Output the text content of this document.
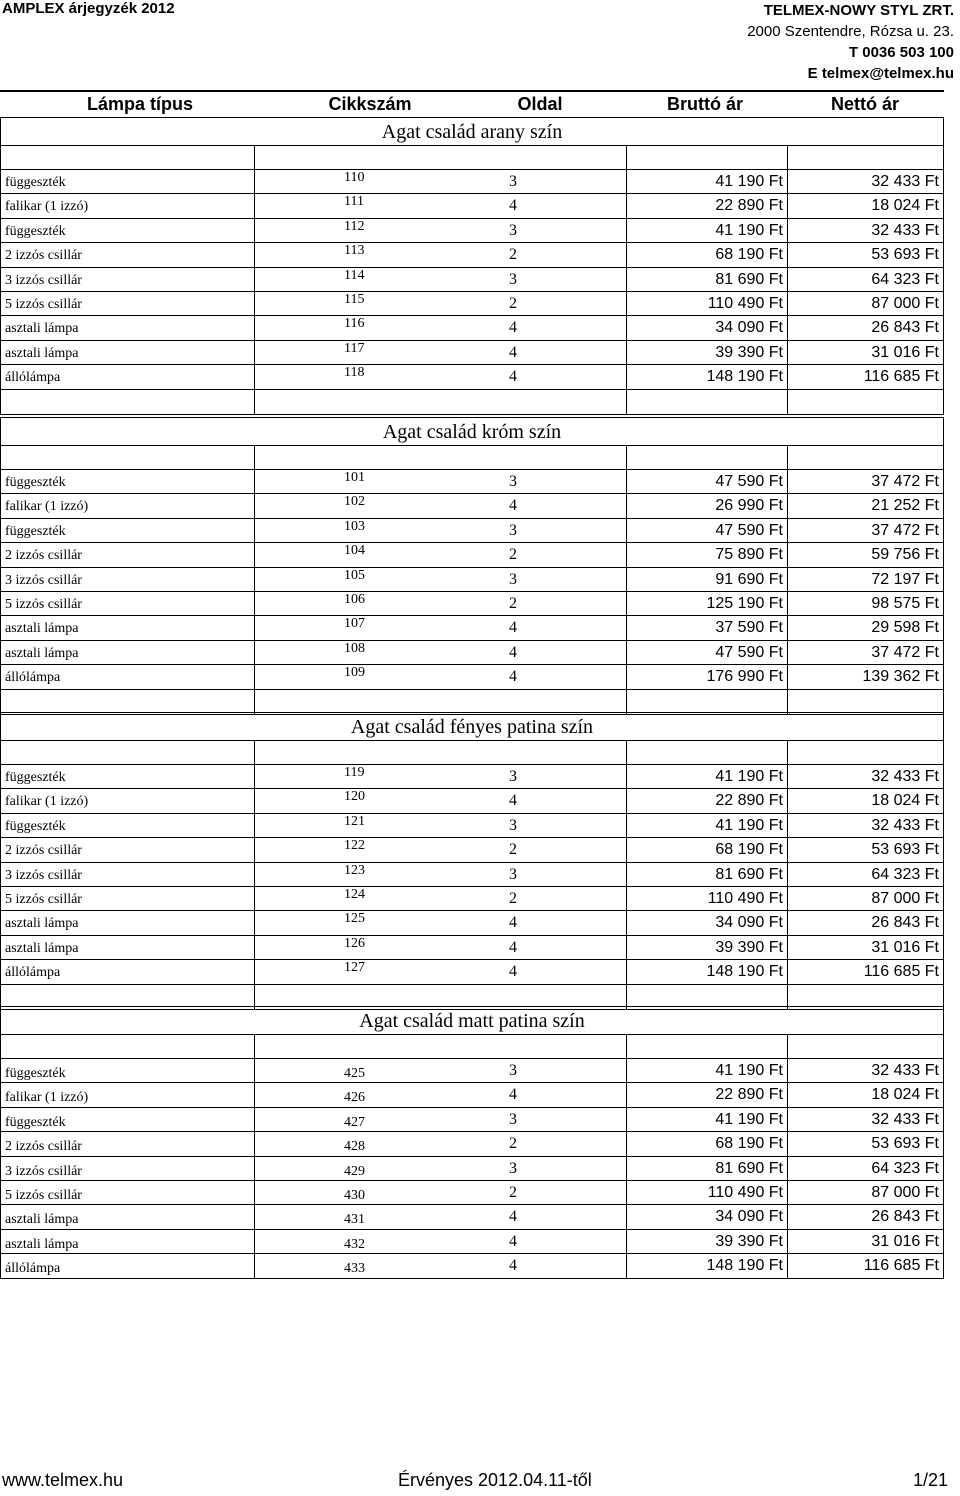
AMPLEX árjegyzék 2012	TELMEX-NOWY STYL ZRT.
2000 Szentendre, Rózsa u. 23.
T 0036 503 100
E telmex@telmex.hu
Lámpa típus	Cikkszám	Oldal	Bruttó ár	Nettó ár
Agat család arany szín
függeszték	110	3	41 190 Ft	32 433 Ft
falikar (1 izzó)	111	4	22 890 Ft	18 024 Ft
függeszték	112	3	41 190 Ft	32 433 Ft
2 izzós csillár	113	2	68 190 Ft	53 693 Ft
3 izzós csillár	114	3	81 690 Ft	64 323 Ft
5 izzós csillár	115	2	110 490 Ft	87 000 Ft
asztali lámpa	116	4	34 090 Ft	26 843 Ft
asztali lámpa	117	4	39 390 Ft	31 016 Ft
állólámpa	118	4	148 190 Ft	116 685 Ft
Agat család króm szín
függeszték	101	3	47 590 Ft	37 472 Ft
falikar (1 izzó)	102	4	26 990 Ft	21 252 Ft
függeszték	103	3	47 590 Ft	37 472 Ft
2 izzós csillár	104	2	75 890 Ft	59 756 Ft
3 izzós csillár	105	3	91 690 Ft	72 197 Ft
5 izzós csillár	106	2	125 190 Ft	98 575 Ft
asztali lámpa	107	4	37 590 Ft	29 598 Ft
asztali lámpa	108	4	47 590 Ft	37 472 Ft
állólámpa	109	4	176 990 Ft	139 362 Ft
Agat család fényes patina szín
függeszték	119	3	41 190 Ft	32 433 Ft
falikar (1 izzó)	120	4	22 890 Ft	18 024 Ft
függeszték	121	3	41 190 Ft	32 433 Ft
2 izzós csillár	122	2	68 190 Ft	53 693 Ft
3 izzós csillár	123	3	81 690 Ft	64 323 Ft
5 izzós csillár	124	2	110 490 Ft	87 000 Ft
asztali lámpa	125	4	34 090 Ft	26 843 Ft
asztali lámpa	126	4	39 390 Ft	31 016 Ft
állólámpa	127	4	148 190 Ft	116 685 Ft
Agat család matt patina szín
függeszték	425	3	41 190 Ft	32 433 Ft
falikar (1 izzó)	426	4	22 890 Ft	18 024 Ft
függeszték	427	3	41 190 Ft	32 433 Ft
2 izzós csillár	428	2	68 190 Ft	53 693 Ft
3 izzós csillár	429	3	81 690 Ft	64 323 Ft
5 izzós csillár	430	2	110 490 Ft	87 000 Ft
asztali lámpa	431	4	34 090 Ft	26 843 Ft
asztali lámpa	432	4	39 390 Ft	31 016 Ft
állólámpa	433	4	148 190 Ft	116 685 Ft
www.telmex.hu	Érvényes 2012.04.11-től	1/21
